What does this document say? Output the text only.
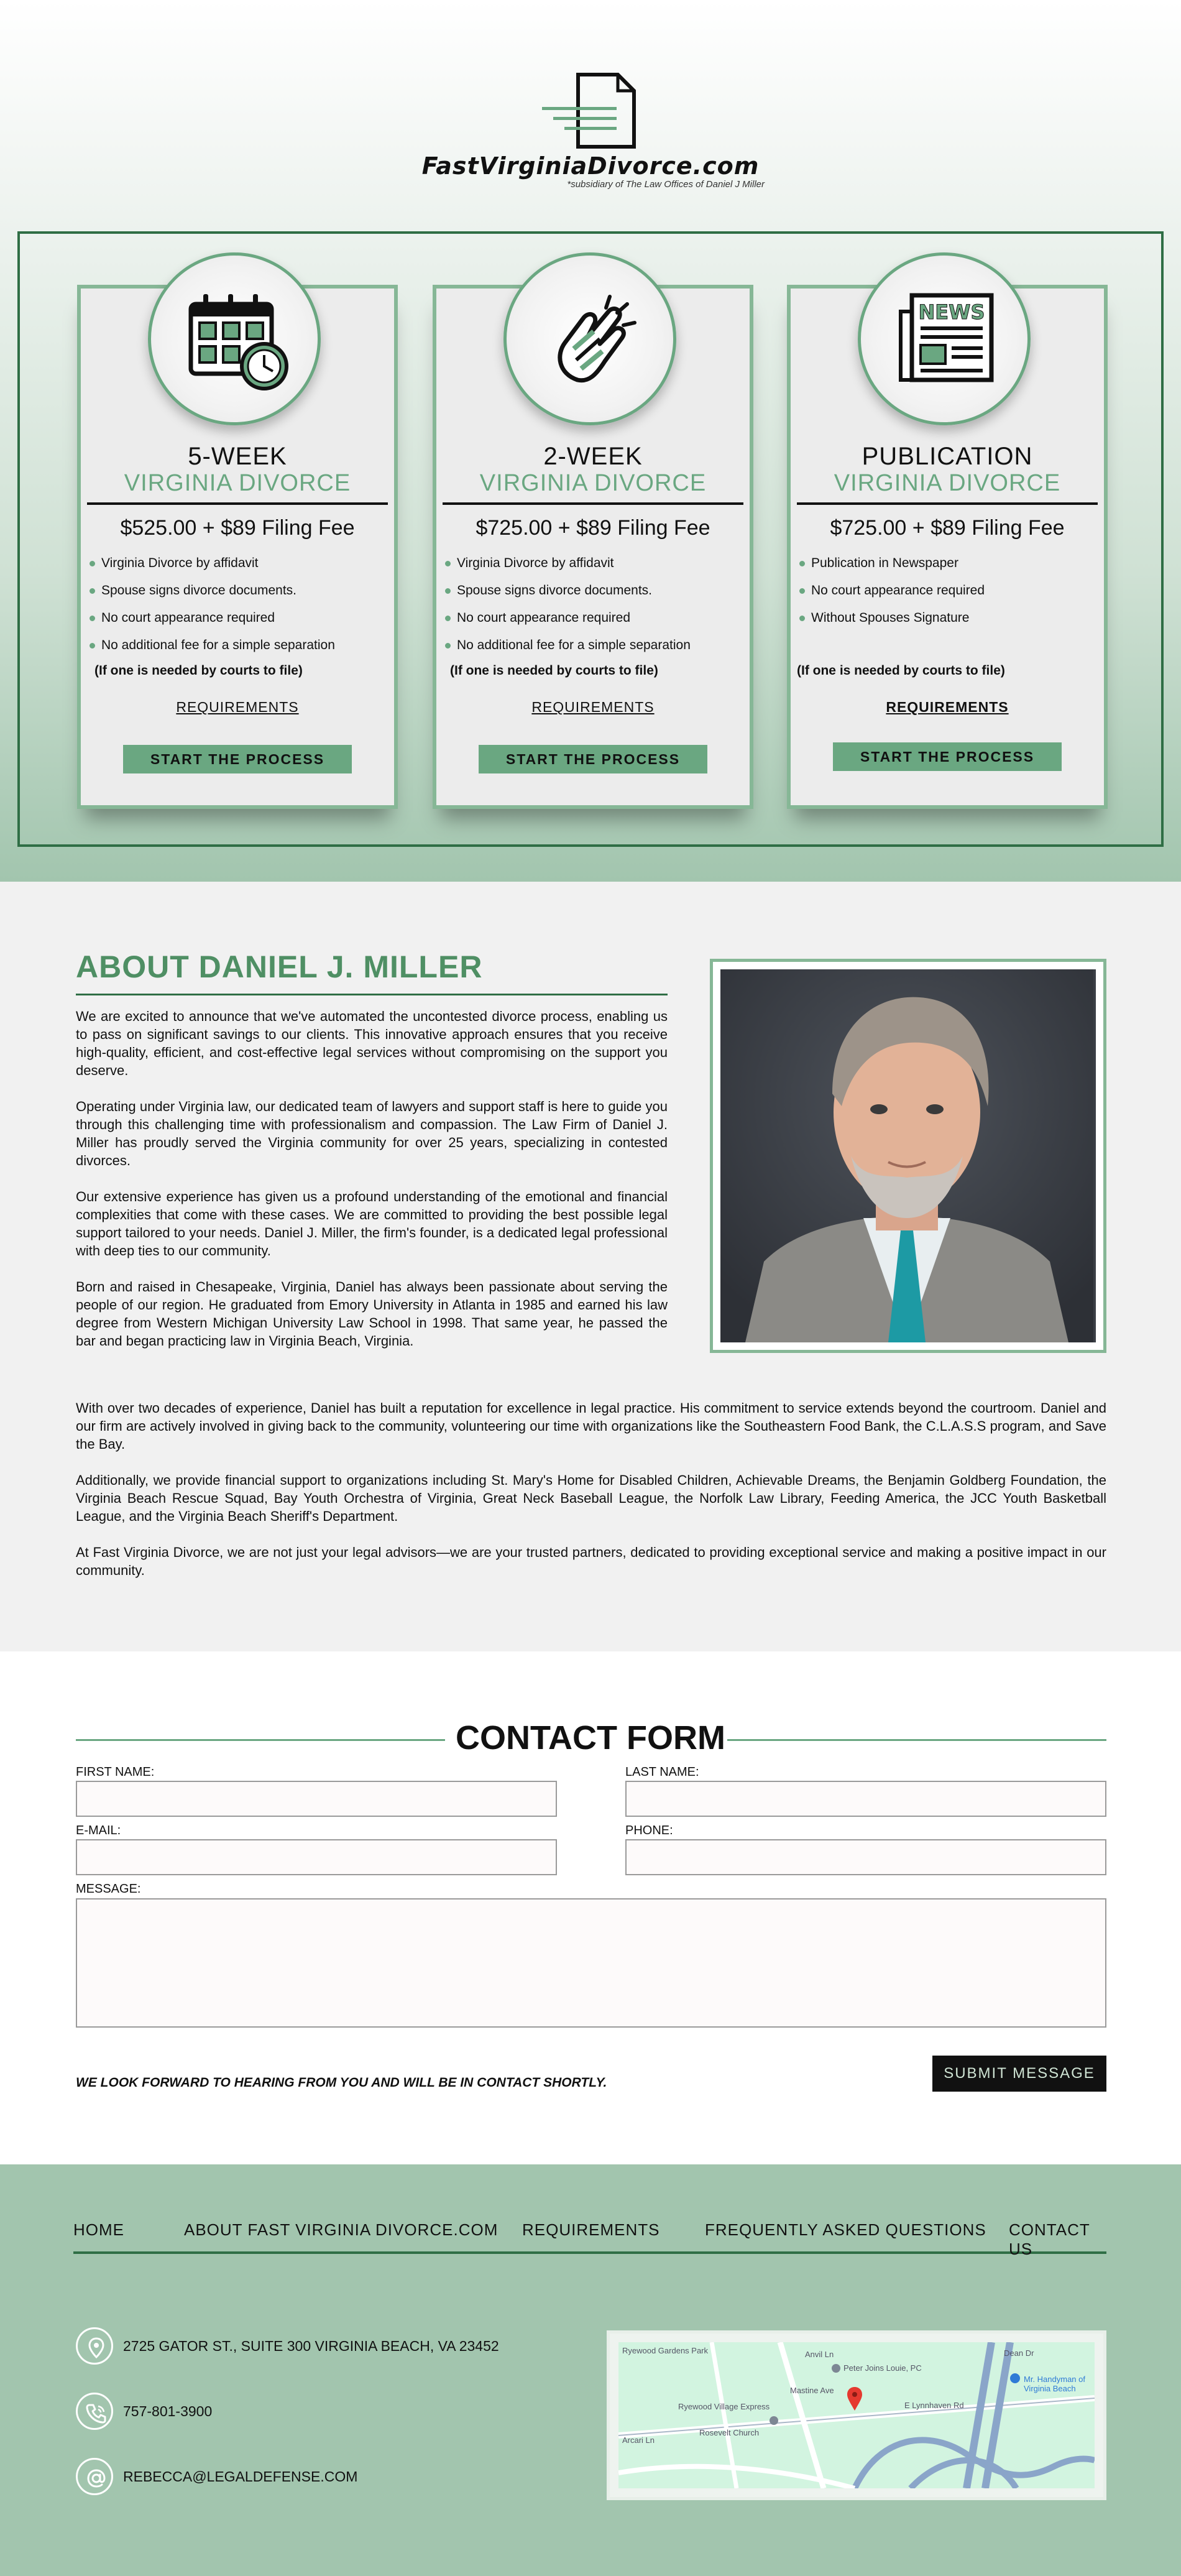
FastVirginiaDivorce.com
*subsidiary of The Law Offices of Daniel J Miller
5-WEEK
VIRGINIA DIVORCE
$525.00 + $89 Filing Fee
Virginia Divorce by affidavit
Spouse signs divorce documents.
No court appearance required
No additional fee for a simple separation
(If one is needed by courts to file)
REQUIREMENTS
START THE PROCESS
2-WEEK
VIRGINIA DIVORCE
$725.00 + $89 Filing Fee
Virginia Divorce by affidavit
Spouse signs divorce documents.
No court appearance required
No additional fee for a simple separation
(If one is needed by courts to file)
REQUIREMENTS
START THE PROCESS
NEWS
PUBLICATION
VIRGINIA DIVORCE
$725.00 + $89 Filing Fee
Publication in Newspaper
No court appearance required
Without Spouses Signature
(If one is needed by courts to file)
REQUIREMENTS
START THE PROCESS
ABOUT DANIEL J. MILLER

We are excited to announce that we've automated the uncontested divorce process, enabling us to pass on significant savings to our clients. This innovative approach ensures that you receive high-quality, efficient, and cost-effective legal services without compromising on the support you deserve.

Operating under Virginia law, our dedicated team of lawyers and support staff is here to guide you through this challenging time with professionalism and compassion. The Law Firm of Daniel J. Miller has proudly served the Virginia community for over 25 years, specializing in contested divorces.

Our extensive experience has given us a profound understanding of the emotional and financial complexities that come with these cases. We are committed to providing the best possible legal support tailored to your needs. Daniel J. Miller, the firm's founder, is a dedicated legal professional with deep ties to our community.

Born and raised in Chesapeake, Virginia, Daniel has always been passionate about serving the people of our region. He graduated from Emory University in Atlanta in 1985 and earned his law degree from Western Michigan University Law School in 1998. That same year, he passed the bar and began practicing law in Virginia Beach, Virginia.

With over two decades of experience, Daniel has built a reputation for excellence in legal practice. His commitment to service extends beyond the courtroom. Daniel and our firm are actively involved in giving back to the community, volunteering our time with organizations like the Southeastern Food Bank, the C.L.A.S.S program, and Save the Bay.

Additionally, we provide financial support to organizations including St. Mary's Home for Disabled Children, Achievable Dreams, the Benjamin Goldberg Foundation, the Virginia Beach Rescue Squad, Bay Youth Orchestra of Virginia, Great Neck Baseball League, the Norfolk Law Library, Feeding America, the JCC Youth Basketball League, and the Virginia Beach Sheriff's Department.

At Fast Virginia Divorce, we are not just your legal advisors—we are your trusted partners, dedicated to providing exceptional service and making a positive impact in our community.

CONTACT FORM
FIRST NAME:	LAST NAME:
E-MAIL:	PHONE:
MESSAGE:
WE LOOK FORWARD TO HEARING FROM YOU AND WILL BE IN CONTACT SHORTLY.
SUBMIT MESSAGE
HOME	ABOUT FAST VIRGINIA DIVORCE.COM REQUIREMENTS	FREQUENTLY ASKED QUESTIONS CONTACT US
2725 GATOR ST., SUITE 300 VIRGINIA BEACH, VA 23452
757-801-3900
REBECCA@LEGALDEFENSE.COM
Ryewood Gardens Park
Peter Joins Louie, PC
Ryewood Village Express
Rosevelt Church
E Lynnhaven Rd
Dean Dr
Mr. Handyman of Virginia Beach
Arcari Ln
Mastine Ave
Anvil Ln
